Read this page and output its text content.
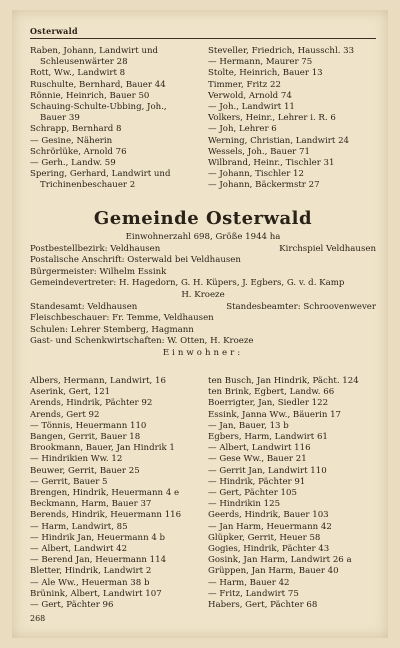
Osterwald
Raben, Johann, Landwirt und
Schleusenwärter 28
Rott, Ww., Landwirt 8
Ruschulte, Bernhard, Bauer 44
Rönnie, Heinrich, Bauer 50
Schauing-Schulte-Ubbing, Joh.,
Bauer 39
Schrapp, Bernhard 8
— Gesine, Näherin
Schrörlüke, Arnold 76
— Gerh., Landw. 59
Spering, Gerhard, Landwirt und
Trichinenbeschauer 2
Steveller, Friedrich, Hausschl. 33
— Hermann, Maurer 75
Stolte, Heinrich, Bauer 13
Timmer, Fritz 22
Verwold, Arnold 74
— Joh., Landwirt 11
Volkers, Heinr., Lehrer i. R. 6
— Joh, Lehrer 6
Werning, Christian, Landwirt 24
Wessels, Joh., Bauer 71
Wilbrand, Heinr., Tischler 31
— Johann, Tischler 12
— Johann, Bäckermstr 27
Gemeinde Osterwald
Einwohnerzahl 698, Größe 1944 ha
Postbestellbezirk: Veldhausen	Kirchspiel Veldhausen
Postalische Anschrift: Osterwald bei Veldhausen
Bürgermeister: Wilhelm Essink
Gemeindevertreter: H. Hagedorn, G. H. Küpers, J. Egbers, G. v. d. Kamp
H. Kroeze
Standesamt: Veldhausen	Standesbeamter: Schroovenwever
Fleischbeschauer: Fr. Temme, Veldhausen
Schulen: Lehrer Stemberg, Hagmann
Gast- und Schenkwirtschaften: W. Otten, H. Kroeze
Einwohner:
Albers, Hermann, Landwirt, 16
Aserink, Gert, 121
Arends, Hindrik, Pächter 92
Arends, Gert 92
— Tönnis, Heuermann 110
Bangen, Gerrit, Bauer 18
Brookmann, Bauer, Jan Hindrik 1
— Hindrikien Ww. 12
Beuwer, Gerrit, Bauer 25
— Gerrit, Bauer 5
Brengen, Hindrik, Heuermann 4 e
Beckmann, Harm, Bauer 37
Berends, Hindrik, Heuermann 116
— Harm, Landwirt, 85
— Hindrik Jan, Heuermann 4 b
— Albert, Landwirt 42
— Berend Jan, Heuermann 114
Bletter, Hindrik, Landwirt 2
— Ale Ww., Heuerman 38 b
Brünink, Albert, Landwirt 107
— Gert, Pächter 96
ten Busch, Jan Hindrik, Pächt. 124
ten Brink, Egbert, Landw. 66
Boerrigter, Jan, Siedler 122
Essink, Janna Ww., Bäuerin 17
— Jan, Bauer, 13 b
Egbers, Harm, Landwirt 61
— Albert, Landwirt 116
— Gese Ww., Bauer 21
— Gerrit Jan, Landwirt 110
— Hindrik, Pächter 91
— Gert, Pächter 105
— Hindrikin 125
Geerds, Hindrik, Bauer 103
— Jan Harm, Heuermann 42
Glüpker, Gerrit, Heuer 58
Gogies, Hindrik, Pächter 43
Gosink, Jan Harm, Landwirt 26 a
Grüppen, Jan Harm, Bauer 40
— Harm, Bauer 42
— Fritz, Landwirt 75
Habers, Gert, Pächter 68
268
